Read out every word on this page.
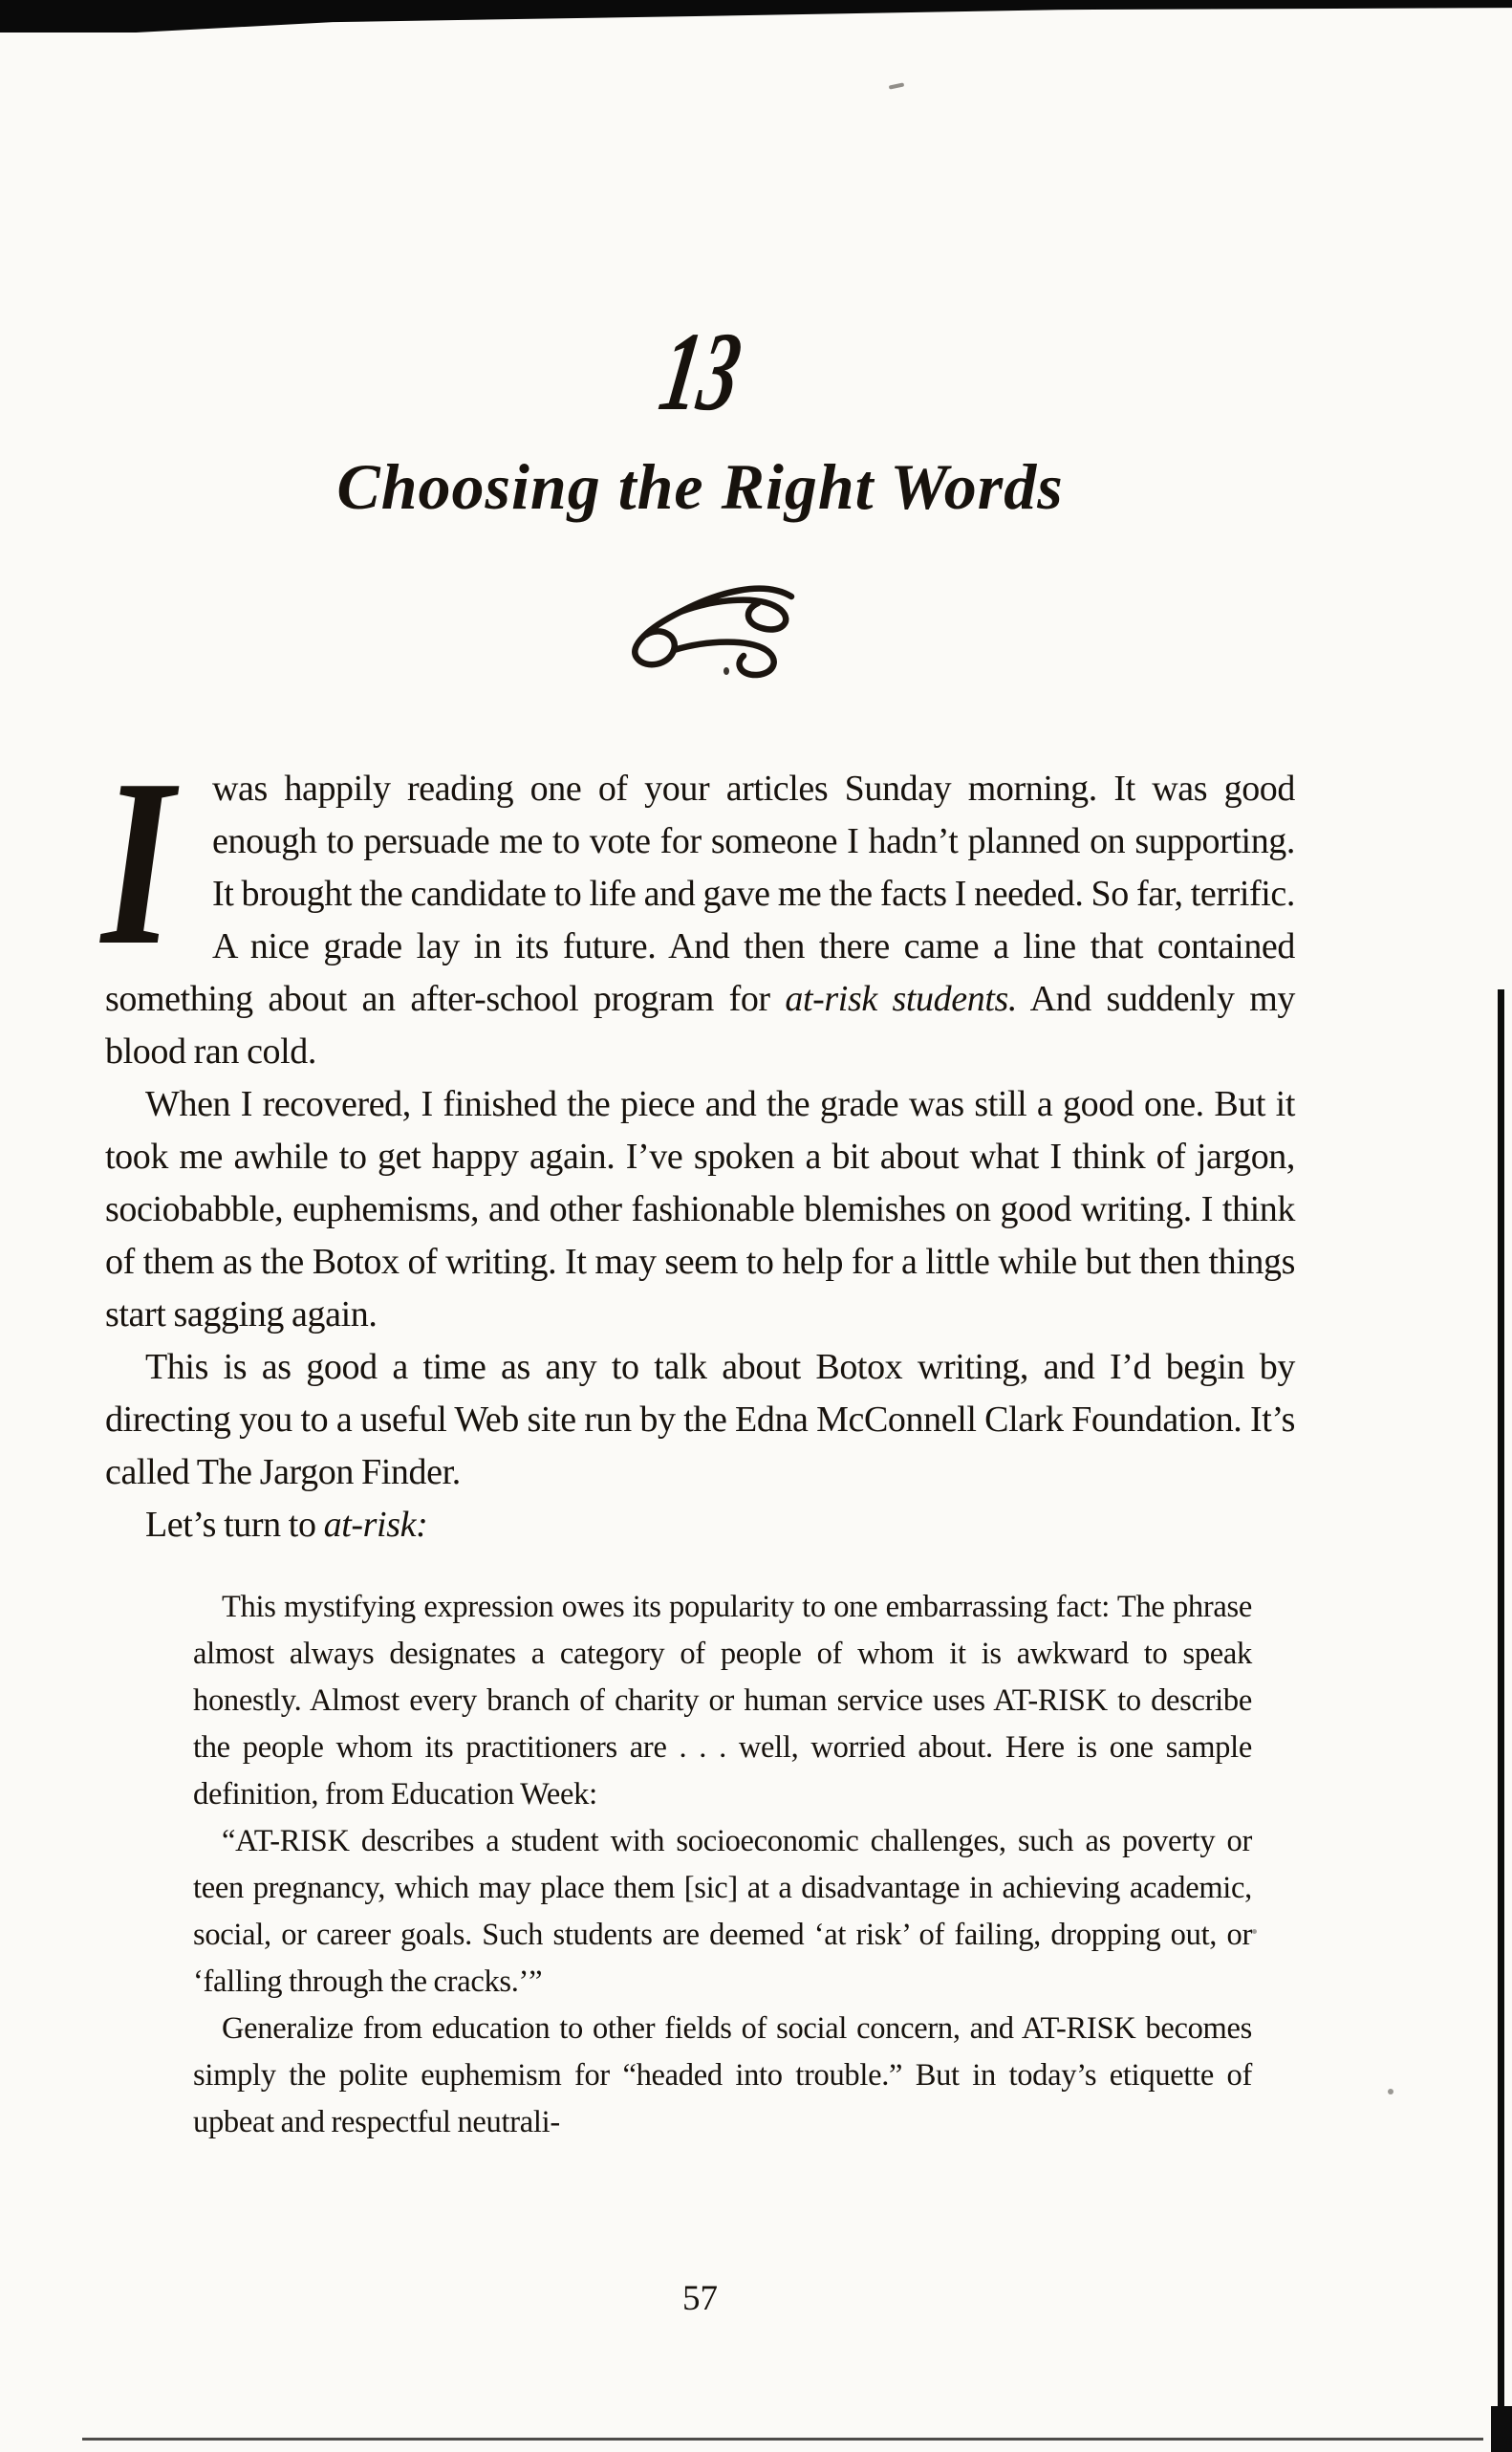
13
Choosing the Right Words

I was happily reading one of your articles Sunday morning. It was good enough to persuade me to vote for someone I hadn’t planned on supporting. It brought the candidate to life and gave me the facts I needed. So far, terrific. A nice grade lay in its future. And then there came a line that contained something about an after-school program for at-risk students. And suddenly my blood ran cold.

When I recovered, I finished the piece and the grade was still a good one. But it took me awhile to get happy again. I’ve spoken a bit about what I think of jargon, sociobabble, euphemisms, and other fashionable blemishes on good writing. I think of them as the Botox of writing. It may seem to help for a little while but then things start sagging again.

This is as good a time as any to talk about Botox writing, and I’d begin by directing you to a useful Web site run by the Edna McConnell Clark Foundation. It’s called The Jargon Finder.

Let’s turn to at-risk:

This mystifying expression owes its popularity to one embarrassing fact: The phrase almost always designates a category of people of whom it is awkward to speak honestly. Almost every branch of charity or human service uses AT-RISK to describe the people whom its practitioners are . . . well, worried about. Here is one sample definition, from Education Week:

“AT-RISK describes a student with socioeconomic challenges, such as poverty or teen pregnancy, which may place them [sic] at a disadvantage in achieving academic, social, or career goals. Such students are deemed ‘at risk’ of failing, dropping out, or ‘falling through the cracks.’”

Generalize from education to other fields of social concern, and AT-RISK becomes simply the polite euphemism for “headed into trouble.” But in today’s etiquette of upbeat and respectful neutrali-

57
